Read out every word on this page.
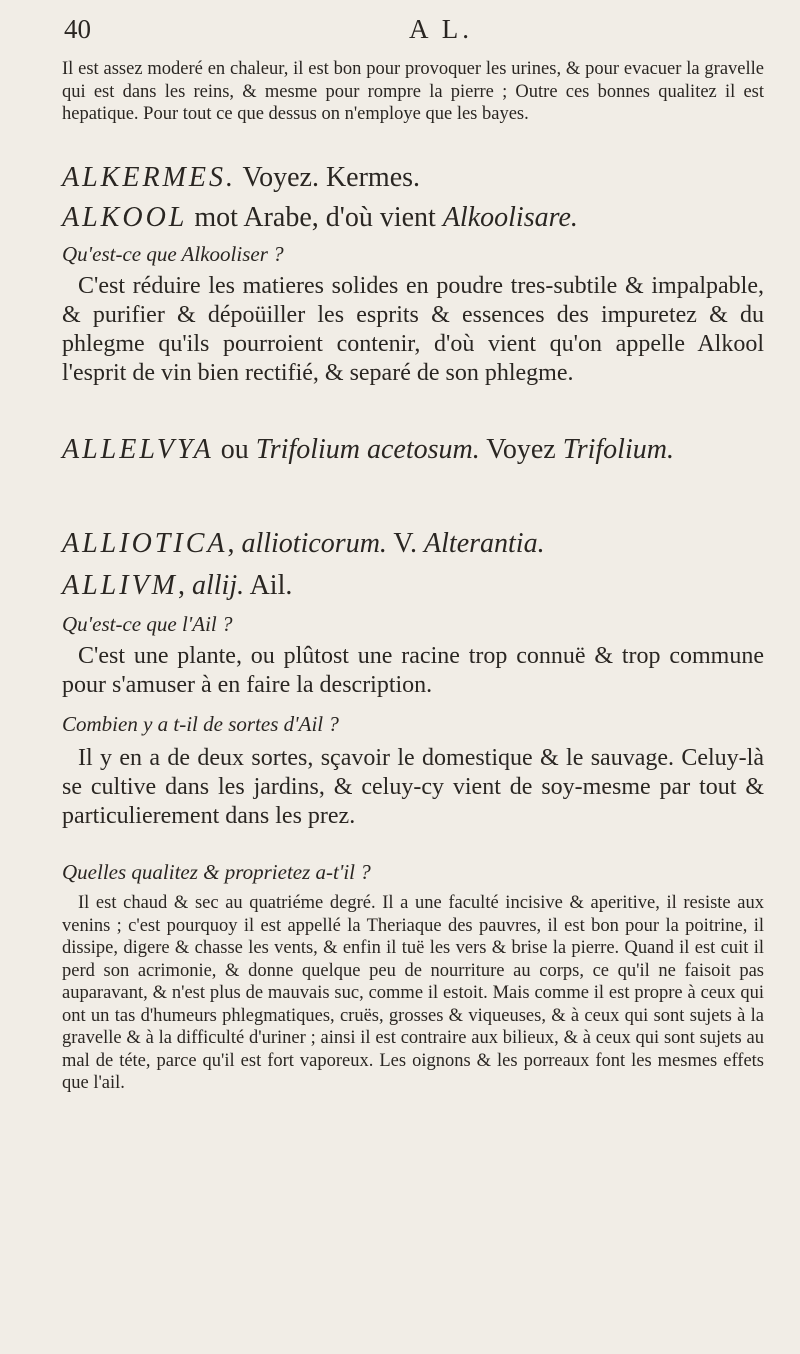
40	A L.

Il est assez moderé en chaleur, il est bon pour provoquer les urines, & pour evacuer la gravelle qui est dans les reins, & mesme pour rompre la pierre ; Outre ces bonnes qualitez il est hepatique. Pour tout ce que dessus on n'employe que les bayes.

ALKERMES. Voyez. Kermes.

ALKOOL mot Arabe, d'où vient Alkoolisare.

Qu'est-ce que Alkooliser ?

C'est réduire les matieres solides en poudre tres-subtile & impalpable, & purifier & dépoüiller les esprits & essences des impuretez & du phlegme qu'ils pourroient contenir, d'où vient qu'on appelle Alkool l'esprit de vin bien rectifié, & separé de son phlegme.

ALLELVYA ou Trifolium acetosum. Voyez Trifolium.

ALLIOTICA, allioticorum. V. Alterantia.

ALLIVM, allij. Ail.

Qu'est-ce que l'Ail ?

C'est une plante, ou plûtost une racine trop connuë & trop commune pour s'amuser à en faire la description.

Combien y a t-il de sortes d'Ail ?

Il y en a de deux sortes, sçavoir le domestique & le sauvage. Celuy-là se cultive dans les jardins, & celuy-cy vient de soy-mesme par tout & particulierement dans les prez.

Quelles qualitez & proprietez a-t'il ?

Il est chaud & sec au quatriéme degré. Il a une faculté incisive & aperitive, il resiste aux venins ; c'est pourquoy il est appellé la Theriaque des pauvres, il est bon pour la poitrine, il dissipe, digere & chasse les vents, & enfin il tuë les vers & brise la pierre. Quand il est cuit il perd son acrimonie, & donne quelque peu de nourriture au corps, ce qu'il ne faisoit pas auparavant, & n'est plus de mauvais suc, comme il estoit. Mais comme il est propre à ceux qui ont un tas d'humeurs phlegmatiques, cruës, grosses & viqueuses, & à ceux qui sont sujets à la gravelle & à la difficulté d'uriner ; ainsi il est contraire aux bilieux, & à ceux qui sont sujets au mal de téte, parce qu'il est fort vaporeux. Les oignons & les porreaux font les mesmes effets que l'ail.
